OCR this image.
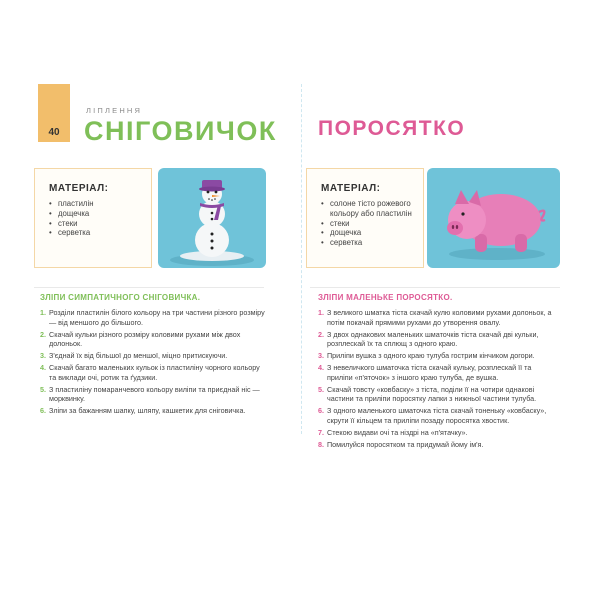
40
ЛІПЛЕННЯ
СНІГОВИЧОК ПОРОСЯТКО
МАТЕРІАЛ:
• пластилін
• дощечка
• стеки
• серветка
МАТЕРІАЛ:
• солоне тісто рожевого кольору або пластилін
• стеки
• дощечка
• серветка
ЗЛІПИ СИМПАТИЧНОГО СНІГОВИЧКА.
1. Розділи пластилін білого кольору на три частини різного розміру — від меншого до більшого.
2. Скачай кульки різного розміру коловими рухами між двох долоньок.
3. З'єднай їх від більшої до меншої, міцно притискуючи.
4. Скачай багато маленьких кульок із пластиліну чорного кольору та виклади очі, ротик та ґудзики.
5. З пластиліну помаранчевого кольору виліпи та приєднай ніс — морквинку.
6. Зліпи за бажанням шапку, шляпу, кашкетик для сніговичка.
ЗЛІПИ МАЛЕНЬКЕ ПОРОСЯТКО.
1. З великого шматка тіста скачай кулю коловими рухами долоньок, а потім покачай прямими рухами до утворення овалу.
2. З двох однакових маленьких шматочків тіста скачай дві кульки, розплескай їх та сплющ з одного краю.
3. Приліпи вушка з одного краю тулуба гострим кінчиком догори.
4. З невеличкого шматочка тіста скачай кульку, розплескай її та приліпи «п'яточок» з іншого краю тулуба, де вушка.
5. Скачай товсту «ковбаску» з тіста, поділи її на чотири однакові частини та приліпи поросятку лапки з нижньої частини тулуба.
6. З одного маленького шматочка тіста скачай тоненьку «ковбаску», скрути її кільцем та приліпи позаду поросятка хвостик.
7. Стекою видави очі та ніздрі на «п'ятачку».
8. Помилуйся поросятком та придумай йому ім'я.
